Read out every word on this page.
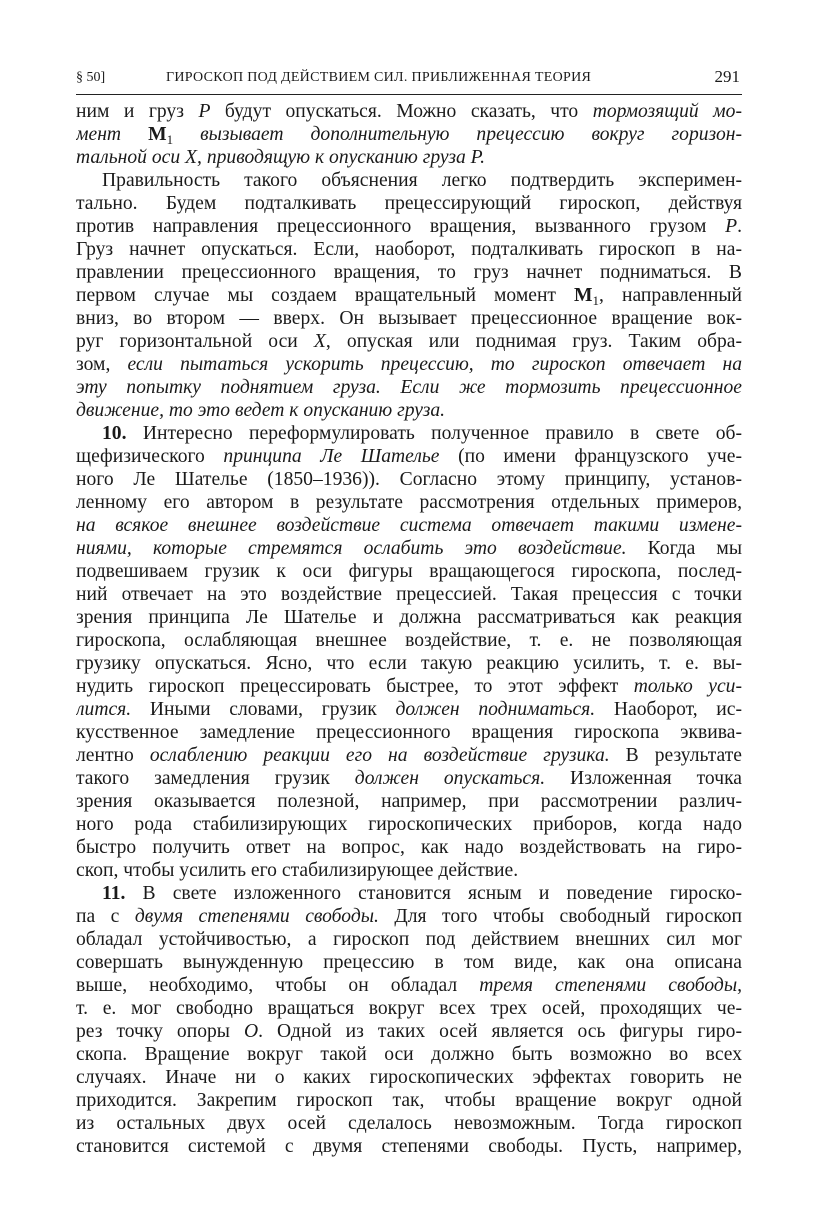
§ 50]	ГИРОСКОП ПОД ДЕЙСТВИЕМ СИЛ. ПРИБЛИЖЕННАЯ ТЕОРИЯ	291
ним и груз P будут опускаться. Можно сказать, что тормозящий мо-
мент $M_1$ вызывает дополнительную прецессию вокруг горизон-
тальной оси X, приводящую к опусканию груза P.
Правильность такого объяснения легко подтвердить эксперимен-
тально. Будем подталкивать прецессирующий гироскоп, действуя
против направления прецессионного вращения, вызванного грузом P.
Груз начнет опускаться. Если, наоборот, подталкивать гироскоп в на-
правлении прецессионного вращения, то груз начнет подниматься. В
первом случае мы создаем вращательный момент $M_1$, направленный
вниз, во втором — вверх. Он вызывает прецессионное вращение вок-
руг горизонтальной оси X, опуская или поднимая груз. Таким обра-
зом, если пытаться ускорить прецессию, то гироскоп отвечает на
эту попытку поднятием груза. Если же тормозить прецессионное
движение, то это ведет к опусканию груза.
10. Интересно переформулировать полученное правило в свете об-
щефизического принципа Ле Шателье (по имени французского уче-
ного Ле Шателье (1850–1936)). Согласно этому принципу, установ-
ленному его автором в результате рассмотрения отдельных примеров,
на всякое внешнее воздействие система отвечает такими измене-
ниями, которые стремятся ослабить это воздействие. Когда мы
подвешиваем грузик к оси фигуры вращающегося гироскопа, послед-
ний отвечает на это воздействие прецессией. Такая прецессия с точки
зрения принципа Ле Шателье и должна рассматриваться как реакция
гироскопа, ослабляющая внешнее воздействие, т. е. не позволяющая
грузику опускаться. Ясно, что если такую реакцию усилить, т. е. вы-
нудить гироскоп прецессировать быстрее, то этот эффект только уси-
лится. Иными словами, грузик должен подниматься. Наоборот, ис-
кусственное замедление прецессионного вращения гироскопа эквива-
лентно ослаблению реакции его на воздействие грузика. В результате
такого замедления грузик должен опускаться. Изложенная точка
зрения оказывается полезной, например, при рассмотрении различ-
ного рода стабилизирующих гироскопических приборов, когда надо
быстро получить ответ на вопрос, как надо воздействовать на гиро-
скоп, чтобы усилить его стабилизирующее действие.
11. В свете изложенного становится ясным и поведение гироско-
па с двумя степенями свободы. Для того чтобы свободный гироскоп
обладал устойчивостью, а гироскоп под действием внешних сил мог
совершать вынужденную прецессию в том виде, как она описана
выше, необходимо, чтобы он обладал тремя степенями свободы,
т. е. мог свободно вращаться вокруг всех трех осей, проходящих че-
рез точку опоры O. Одной из таких осей является ось фигуры гиро-
скопа. Вращение вокруг такой оси должно быть возможно во всех
случаях. Иначе ни о каких гироскопических эффектах говорить не
приходится. Закрепим гироскоп так, чтобы вращение вокруг одной
из остальных двух осей сделалось невозможным. Тогда гироскоп
становится системой с двумя степенями свободы. Пусть, например,
